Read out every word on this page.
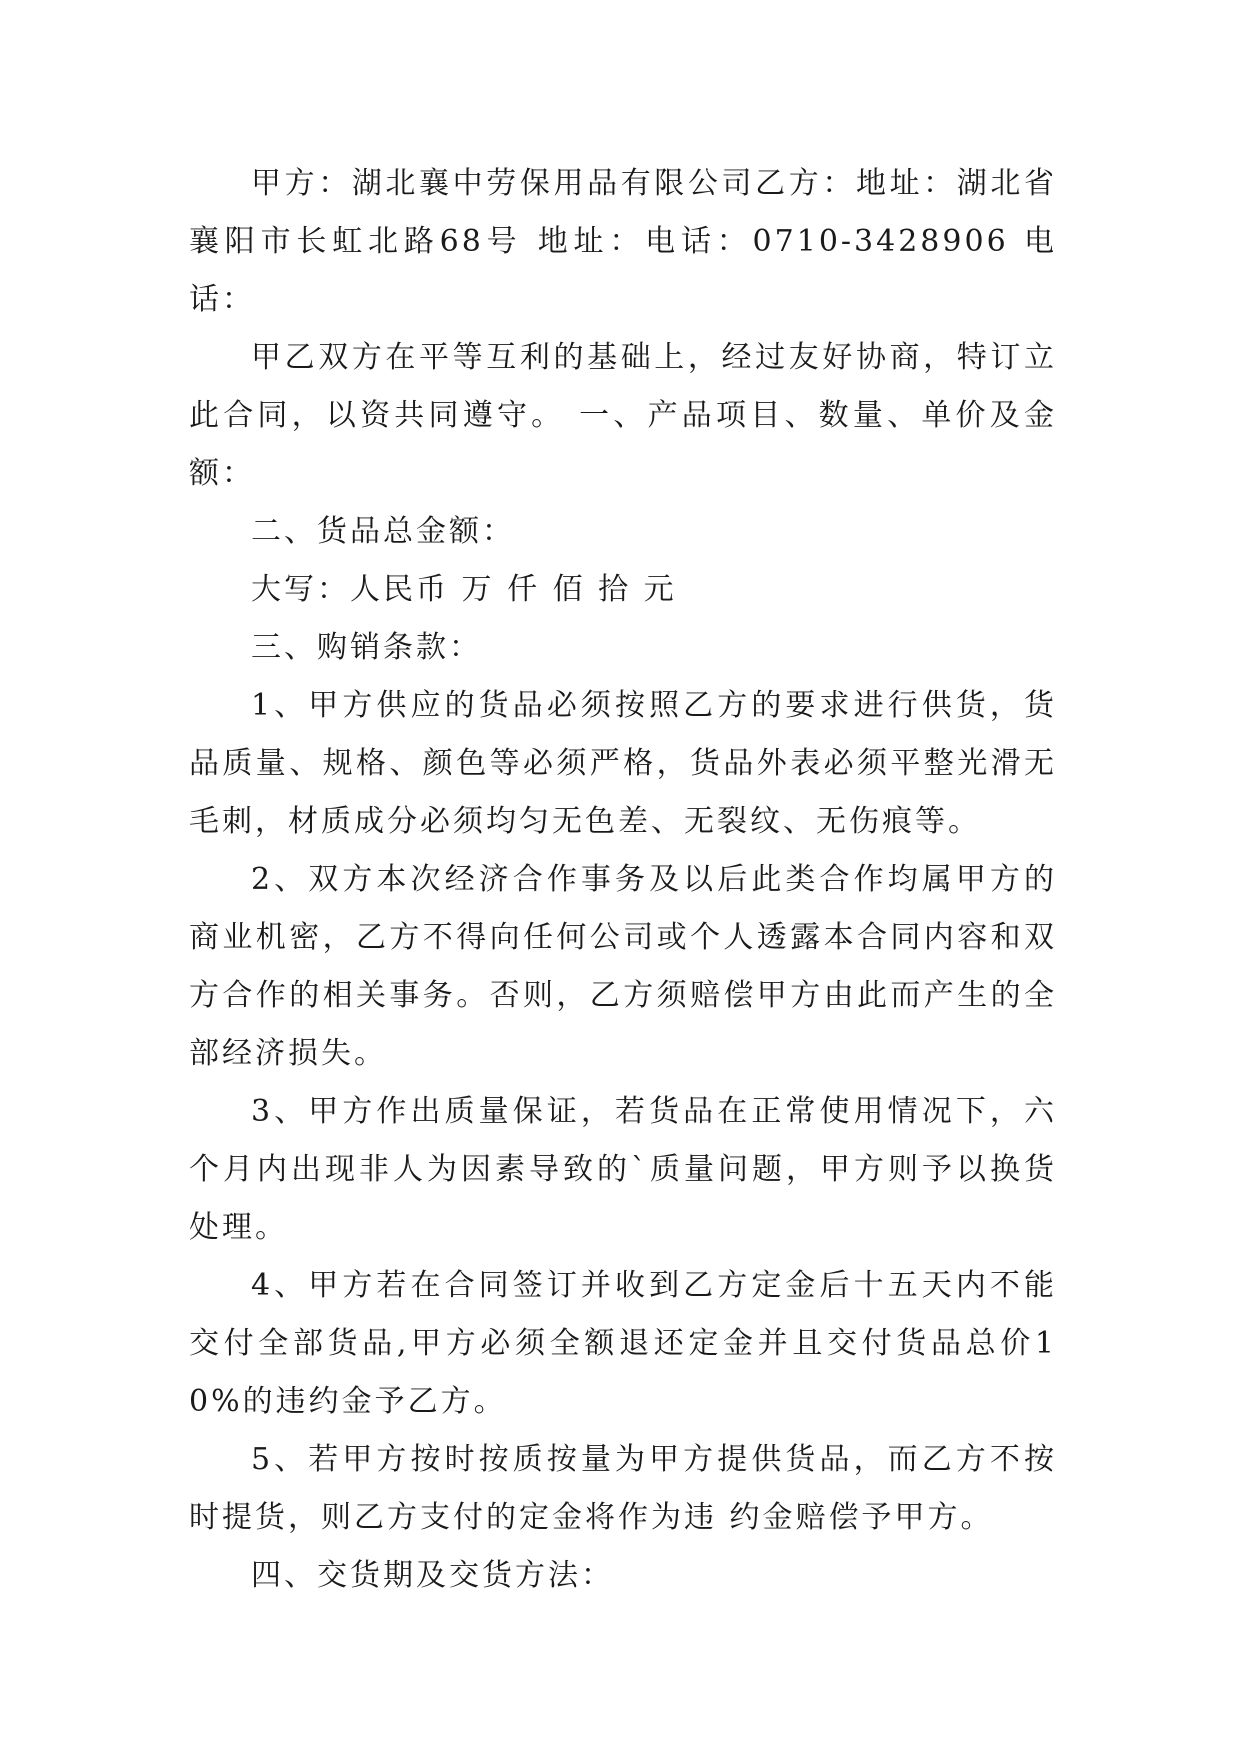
甲方：湖北襄中劳保用品有限公司乙方：地址：湖北省襄阳市长虹北路68号 地址：电话：0710-3428906 电话：

甲乙双方在平等互利的基础上，经过友好协商，特订立此合同，以资共同遵守。 一、产品项目、数量、单价及金额：

二、货品总金额：

大写：人民币 万 仟 佰 拾 元

三、购销条款：

1、甲方供应的货品必须按照乙方的要求进行供货，货品质量、规格、颜色等必须严格，货品外表必须平整光滑无毛刺，材质成分必须均匀无色差、无裂纹、无伤痕等。

2、双方本次经济合作事务及以后此类合作均属甲方的商业机密，乙方不得向任何公司或个人透露本合同内容和双方合作的相关事务。否则，乙方须赔偿甲方由此而产生的全部经济损失。

3、甲方作出质量保证，若货品在正常使用情况下，六个月内出现非人为因素导致的`质量问题，甲方则予以换货处理。

4、甲方若在合同签订并收到乙方定金后十五天内不能交付全部货品,甲方必须全额退还定金并且交付货品总价10%的违约金予乙方。

5、若甲方按时按质按量为甲方提供货品，而乙方不按时提货，则乙方支付的定金将作为违 约金赔偿予甲方。

四、交货期及交货方法：
